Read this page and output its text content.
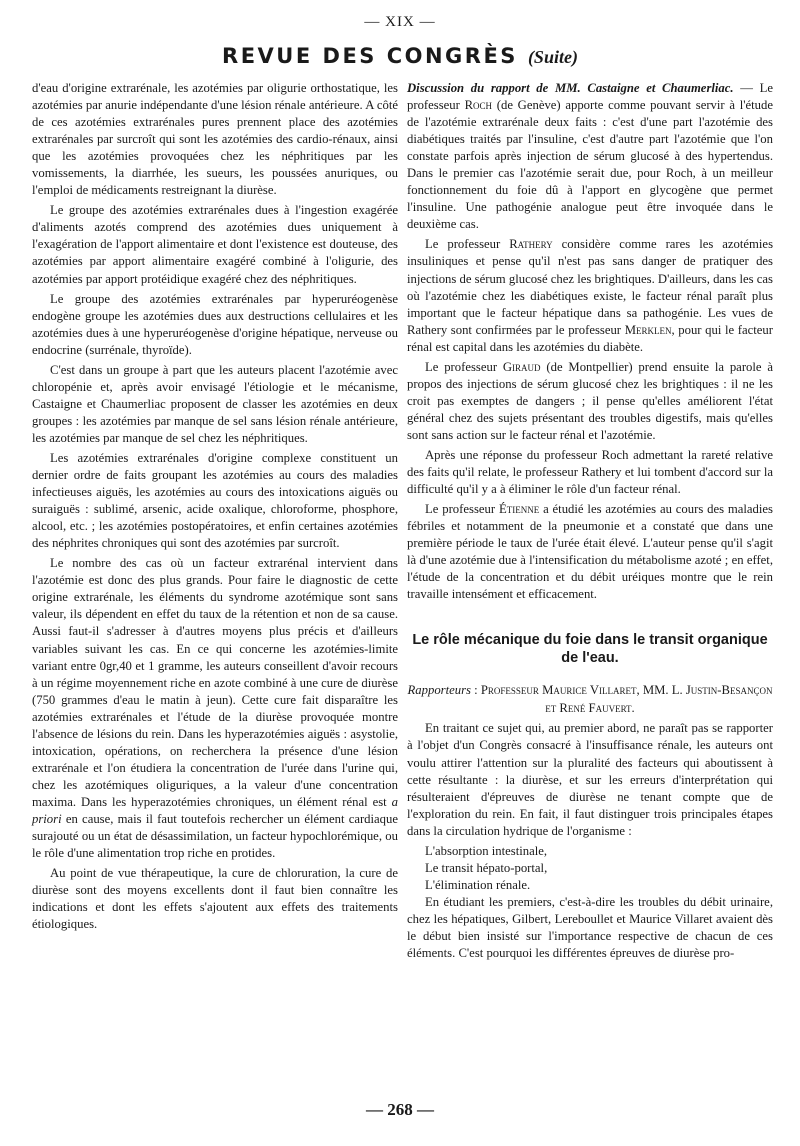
— XIX —
REVUE DES CONGRÈS (Suite)

d'eau d'origine extrarénale, les azotémies par oligurie orthostatique, les azotémies par anurie indépendante d'une lésion rénale antérieure. A côté de ces azotémies extrarénales pures prennent place des azotémies extrarénales par surcroît qui sont les azotémies des cardio-rénaux, ainsi que les azotémies provoquées chez les néphritiques par les vomissements, la diarrhée, les sueurs, les poussées anuriques, ou l'emploi de médicaments restreignant la diurèse.

Le groupe des azotémies extrarénales dues à l'ingestion exagérée d'aliments azotés comprend des azotémies dues uniquement à l'exagération de l'apport alimentaire et dont l'existence est douteuse, des azotémies par apport alimentaire exagéré combiné à l'oligurie, des azotémies par apport protéidique exagéré chez des néphritiques.

Le groupe des azotémies extrarénales par hyperuréogenèse endogène groupe les azotémies dues aux destructions cellulaires et les azotémies dues à une hyperuréogenèse d'origine hépatique, nerveuse ou endocrine (surrénale, thyroïde).

C'est dans un groupe à part que les auteurs placent l'azotémie avec chloropénie et, après avoir envisagé l'étiologie et le mécanisme, Castaigne et Chaumerliac proposent de classer les azotémies en deux groupes : les azotémies par manque de sel sans lésion rénale antérieure, les azotémies par manque de sel chez les néphritiques.

Les azotémies extrarénales d'origine complexe constituent un dernier ordre de faits groupant les azotémies au cours des maladies infectieuses aiguës, les azotémies au cours des intoxications aiguës ou suraiguës : sublimé, arsenic, acide oxalique, chloroforme, phosphore, alcool, etc. ; les azotémies postopératoires, et enfin certaines azotémies des néphrites chroniques qui sont des azotémies par surcroît.

Le nombre des cas où un facteur extrarénal intervient dans l'azotémie est donc des plus grands. Pour faire le diagnostic de cette origine extrarénale, les éléments du syndrome azotémique sont sans valeur, ils dépendent en effet du taux de la rétention et non de sa cause. Aussi faut-il s'adresser à d'autres moyens plus précis et d'ailleurs variables suivant les cas. En ce qui concerne les azotémies-limite variant entre 0gr,40 et 1 gramme, les auteurs conseillent d'avoir recours à un régime moyennement riche en azote combiné à une cure de diurèse (750 grammes d'eau le matin à jeun). Cette cure fait disparaître les azotémies extrarénales et l'étude de la diurèse provoquée montre l'absence de lésions du rein. Dans les hyperazotémies aiguës : asystolie, intoxication, opérations, on recherchera la présence d'une lésion extrarénale et l'on étudiera la concentration de l'urée dans l'urine qui, chez les azotémiques oliguriques, a la valeur d'une concentration maxima. Dans les hyperazotémies chroniques, un élément rénal est a priori en cause, mais il faut toutefois rechercher un élément cardiaque surajouté ou un état de désassimilation, un facteur hypochlorémique, ou le rôle d'une alimentation trop riche en protides.

Au point de vue thérapeutique, la cure de chloruration, la cure de diurèse sont des moyens excellents dont il faut bien connaître les indications et dont les effets s'ajoutent aux effets des traitements étiologiques.

Discussion du rapport de MM. Castaigne et Chaumerliac. — Le professeur Roch (de Genève) apporte comme pouvant servir à l'étude de l'azotémie extrarénale deux faits : c'est d'une part l'azotémie des diabétiques traités par l'insuline, c'est d'autre part l'azotémie que l'on constate parfois après injection de sérum glucosé à des hypertendus. Dans le premier cas l'azotémie serait due, pour Roch, à un meilleur fonctionnement du foie dû à l'apport en glycogène que permet l'insuline. Une pathogénie analogue peut être invoquée dans le deuxième cas.

Le professeur Rathery considère comme rares les azotémies insuliniques et pense qu'il n'est pas sans danger de pratiquer des injections de sérum glucosé chez les brightiques. D'ailleurs, dans les cas où l'azotémie chez les diabétiques existe, le facteur rénal paraît plus important que le facteur hépatique dans sa pathogénie. Les vues de Rathery sont confirmées par le professeur Merklen, pour qui le facteur rénal est capital dans les azotémies du diabète.

Le professeur Giraud (de Montpellier) prend ensuite la parole à propos des injections de sérum glucosé chez les brightiques : il ne les croit pas exemptes de dangers ; il pense qu'elles améliorent l'état général chez des sujets présentant des troubles digestifs, mais qu'elles sont sans action sur le facteur rénal et l'azotémie.

Après une réponse du professeur Roch admettant la rareté relative des faits qu'il relate, le professeur Rathery et lui tombent d'accord sur la difficulté qu'il y a à éliminer le rôle d'un facteur rénal.

Le professeur Étienne a étudié les azotémies au cours des maladies fébriles et notamment de la pneumonie et a constaté que dans une première période le taux de l'urée était élevé. L'auteur pense qu'il s'agit là d'une azotémie due à l'intensification du métabolisme azoté ; en effet, l'étude de la concentration et du débit uréiques montre que le rein travaille intensément et efficacement.

Le rôle mécanique du foie dans le transit organique de l'eau.

Rapporteurs : Professeur Maurice Villaret, MM. L. Justin-Besançon et René Fauvert.

En traitant ce sujet qui, au premier abord, ne paraît pas se rapporter à l'objet d'un Congrès consacré à l'insuffisance rénale, les auteurs ont voulu attirer l'attention sur la pluralité des facteurs qui aboutissent à cette résultante : la diurèse, et sur les erreurs d'interprétation qui résulteraient d'épreuves de diurèse ne tenant compte que de l'exploration du rein. En fait, il faut distinguer trois principales étapes dans la circulation hydrique de l'organisme :

L'absorption intestinale,

Le transit hépato-portal,

L'élimination rénale.

En étudiant les premiers, c'est-à-dire les troubles du débit urinaire, chez les hépatiques, Gilbert, Lereboullet et Maurice Villaret avaient dès le début bien insisté sur l'importance respective de chacun de ces éléments. C'est pourquoi les différentes épreuves de diurèse pro-

— 268 —
